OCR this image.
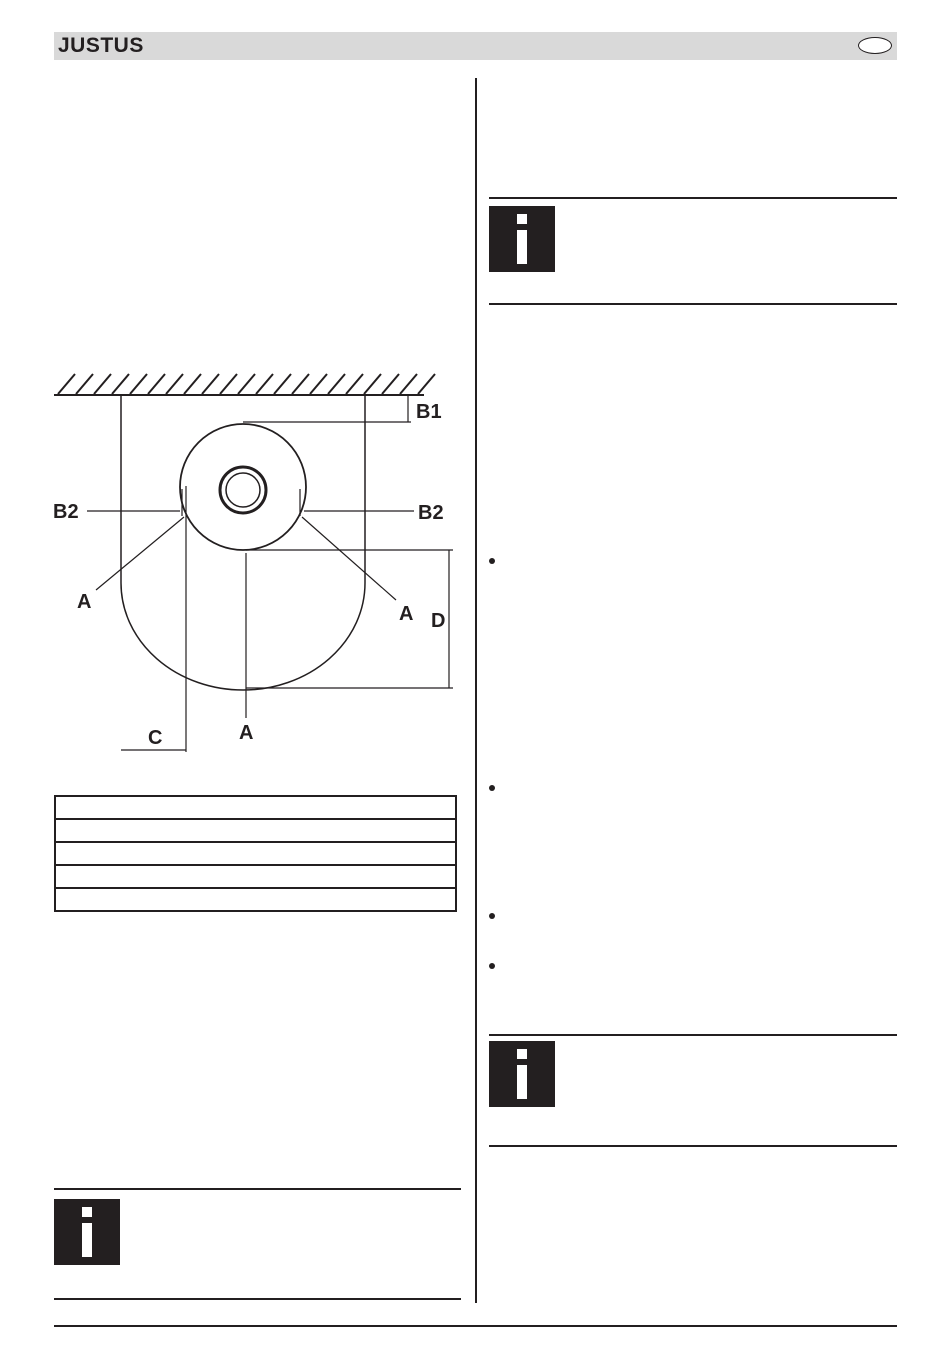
JUSTUS
B1
B2	B2
A
A D
A
C
